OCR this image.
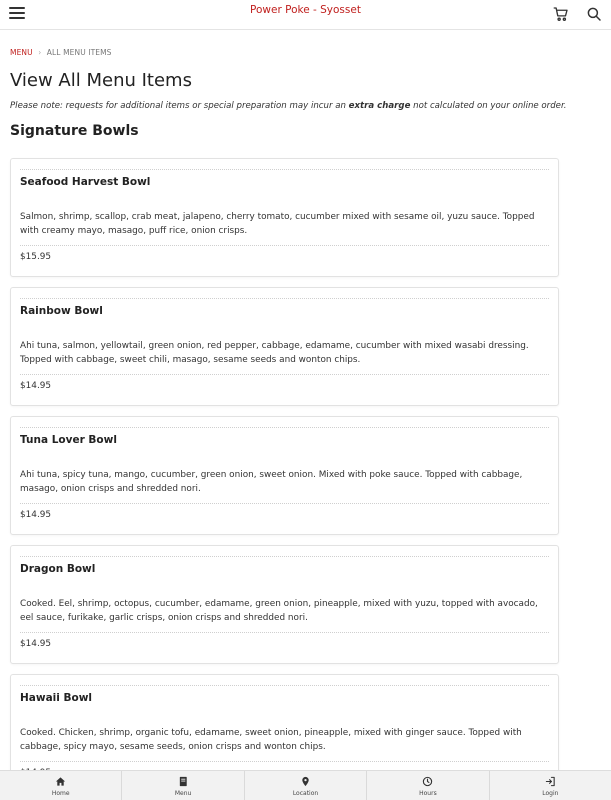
Power Poke - Syosset
MENU › ALL MENU ITEMS
View All Menu Items

Please note: requests for additional items or special preparation may incur an extra charge not calculated on your online order.

Signature Bowls
Seafood Harvest Bowl
Salmon, shrimp, scallop, crab meat, jalapeno, cherry tomato, cucumber mixed with sesame oil, yuzu sauce. Topped with creamy mayo, masago, puff rice, onion crisps.
$15.95
Rainbow Bowl
Ahi tuna, salmon, yellowtail, green onion, red pepper, cabbage, edamame, cucumber with mixed wasabi dressing. Topped with cabbage, sweet chili, masago, sesame seeds and wonton chips.
$14.95
Tuna Lover Bowl
Ahi tuna, spicy tuna, mango, cucumber, green onion, sweet onion. Mixed with poke sauce. Topped with cabbage, masago, onion crisps and shredded nori.
$14.95
Dragon Bowl
Cooked. Eel, shrimp, octopus, cucumber, edamame, green onion, pineapple, mixed with yuzu, topped with avocado, eel sauce, furikake, garlic crisps, onion crisps and shredded nori.
$14.95
Hawaii Bowl
Cooked. Chicken, shrimp, organic tofu, edamame, sweet onion, pineapple, mixed with ginger sauce. Topped with cabbage, spicy mayo, sesame seeds, onion crisps and wonton chips.
Home	Menu	Location	Hours	Login
